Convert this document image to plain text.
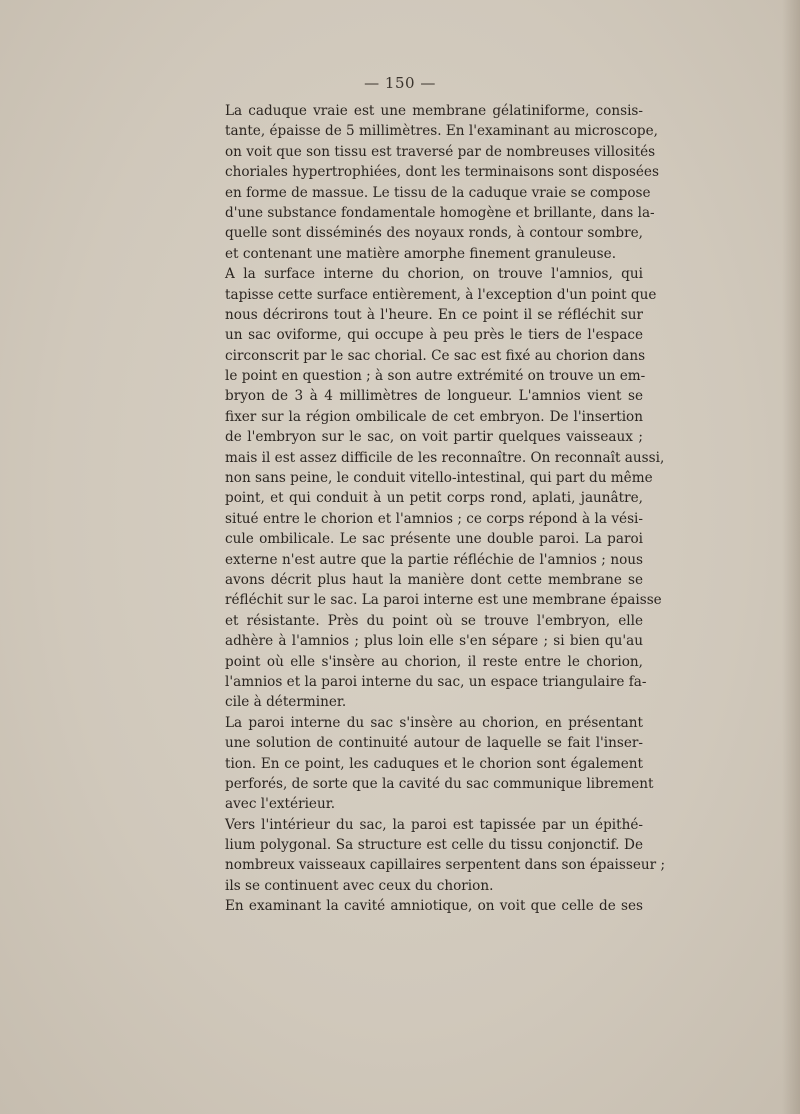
— 150 —
La caduque vraie est une membrane gélatiniforme, consis-
tante, épaisse de 5 millimètres. En l'examinant au microscope,
on voit que son tissu est traversé par de nombreuses villosités
choriales hypertrophiées, dont les terminaisons sont disposées
en forme de massue. Le tissu de la caduque vraie se compose
d'une substance fondamentale homogène et brillante, dans la-
quelle sont disséminés des noyaux ronds, à contour sombre,
et contenant une matière amorphe finement granuleuse.
A la surface interne du chorion, on trouve l'amnios, qui
tapisse cette surface entièrement, à l'exception d'un point que
nous décrirons tout à l'heure. En ce point il se réfléchit sur
un sac oviforme, qui occupe à peu près le tiers de l'espace
circonscrit par le sac chorial. Ce sac est fixé au chorion dans
le point en question ; à son autre extrémité on trouve un em-
bryon de 3 à 4 millimètres de longueur. L'amnios vient se
fixer sur la région ombilicale de cet embryon. De l'insertion
de l'embryon sur le sac, on voit partir quelques vaisseaux ;
mais il est assez difficile de les reconnaître. On reconnaît aussi,
non sans peine, le conduit vitello-intestinal, qui part du même
point, et qui conduit à un petit corps rond, aplati, jaunâtre,
situé entre le chorion et l'amnios ; ce corps répond à la vési-
cule ombilicale. Le sac présente une double paroi. La paroi
externe n'est autre que la partie réfléchie de l'amnios ; nous
avons décrit plus haut la manière dont cette membrane se
réfléchit sur le sac. La paroi interne est une membrane épaisse
et résistante. Près du point où se trouve l'embryon, elle
adhère à l'amnios ; plus loin elle s'en sépare ; si bien qu'au
point où elle s'insère au chorion, il reste entre le chorion,
l'amnios et la paroi interne du sac, un espace triangulaire fa-
cile à déterminer.
La paroi interne du sac s'insère au chorion, en présentant
une solution de continuité autour de laquelle se fait l'inser-
tion. En ce point, les caduques et le chorion sont également
perforés, de sorte que la cavité du sac communique librement
avec l'extérieur.
Vers l'intérieur du sac, la paroi est tapissée par un épithé-
lium polygonal. Sa structure est celle du tissu conjonctif. De
nombreux vaisseaux capillaires serpentent dans son épaisseur ;
ils se continuent avec ceux du chorion.
En examinant la cavité amniotique, on voit que celle de ses
